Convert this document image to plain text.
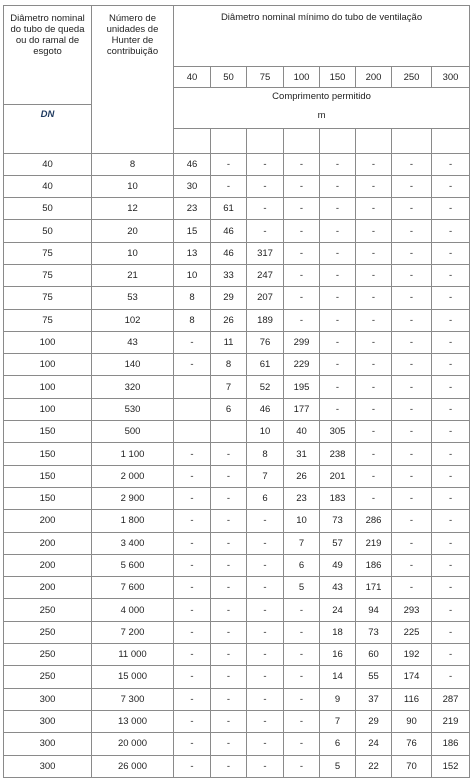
Diâmetro nominal do tubo de queda ou do ramal de esgoto	Número de unidades de Hunter de contribuição	Diâmetro nominal mínimo do tubo de ventilação							
		40	50	75	100	150	200	250	300
		Comprimento permitido							

DN		m							

40	8	46	-	-	-	-	-	-	-
40	10	30	-	-	-	-	-	-	-
50	12	23	61	-	-	-	-	-	-
50	20	15	46	-	-	-	-	-	-
75	10	13	46	317	-	-	-	-	-
75	21	10	33	247	-	-	-	-	-
75	53	8	29	207	-	-	-	-	-
75	102	8	26	189	-	-	-	-	-
100	43	-	11	76	299	-	-	-	-
100	140	-	8	61	229	-	-	-	-
100	320		7	52	195	-	-	-	-
100	530		6	46	177	-	-	-	-
150	500			10	40	305	-	-	-
150	1 100	-	-	8	31	238	-	-	-
150	2 000	-	-	7	26	201	-	-	-
150	2 900	-	-	6	23	183	-	-	-
200	1 800	-	-	-	10	73	286	-	-
200	3 400	-	-	-	7	57	219	-	-
200	5 600	-	-	-	6	49	186	-	-
200	7 600	-	-	-	5	43	171	-	-
250	4 000	-	-	-	-	24	94	293	-
250	7 200	-	-	-	-	18	73	225	-
250	11 000	-	-	-	-	16	60	192	-
250	15 000	-	-	-	-	14	55	174	-
300	7 300	-	-	-	-	9	37	116	287
300	13 000	-	-	-	-	7	29	90	219
300	20 000	-	-	-	-	6	24	76	186
300	26 000	-	-	-	-	5	22	70	152
